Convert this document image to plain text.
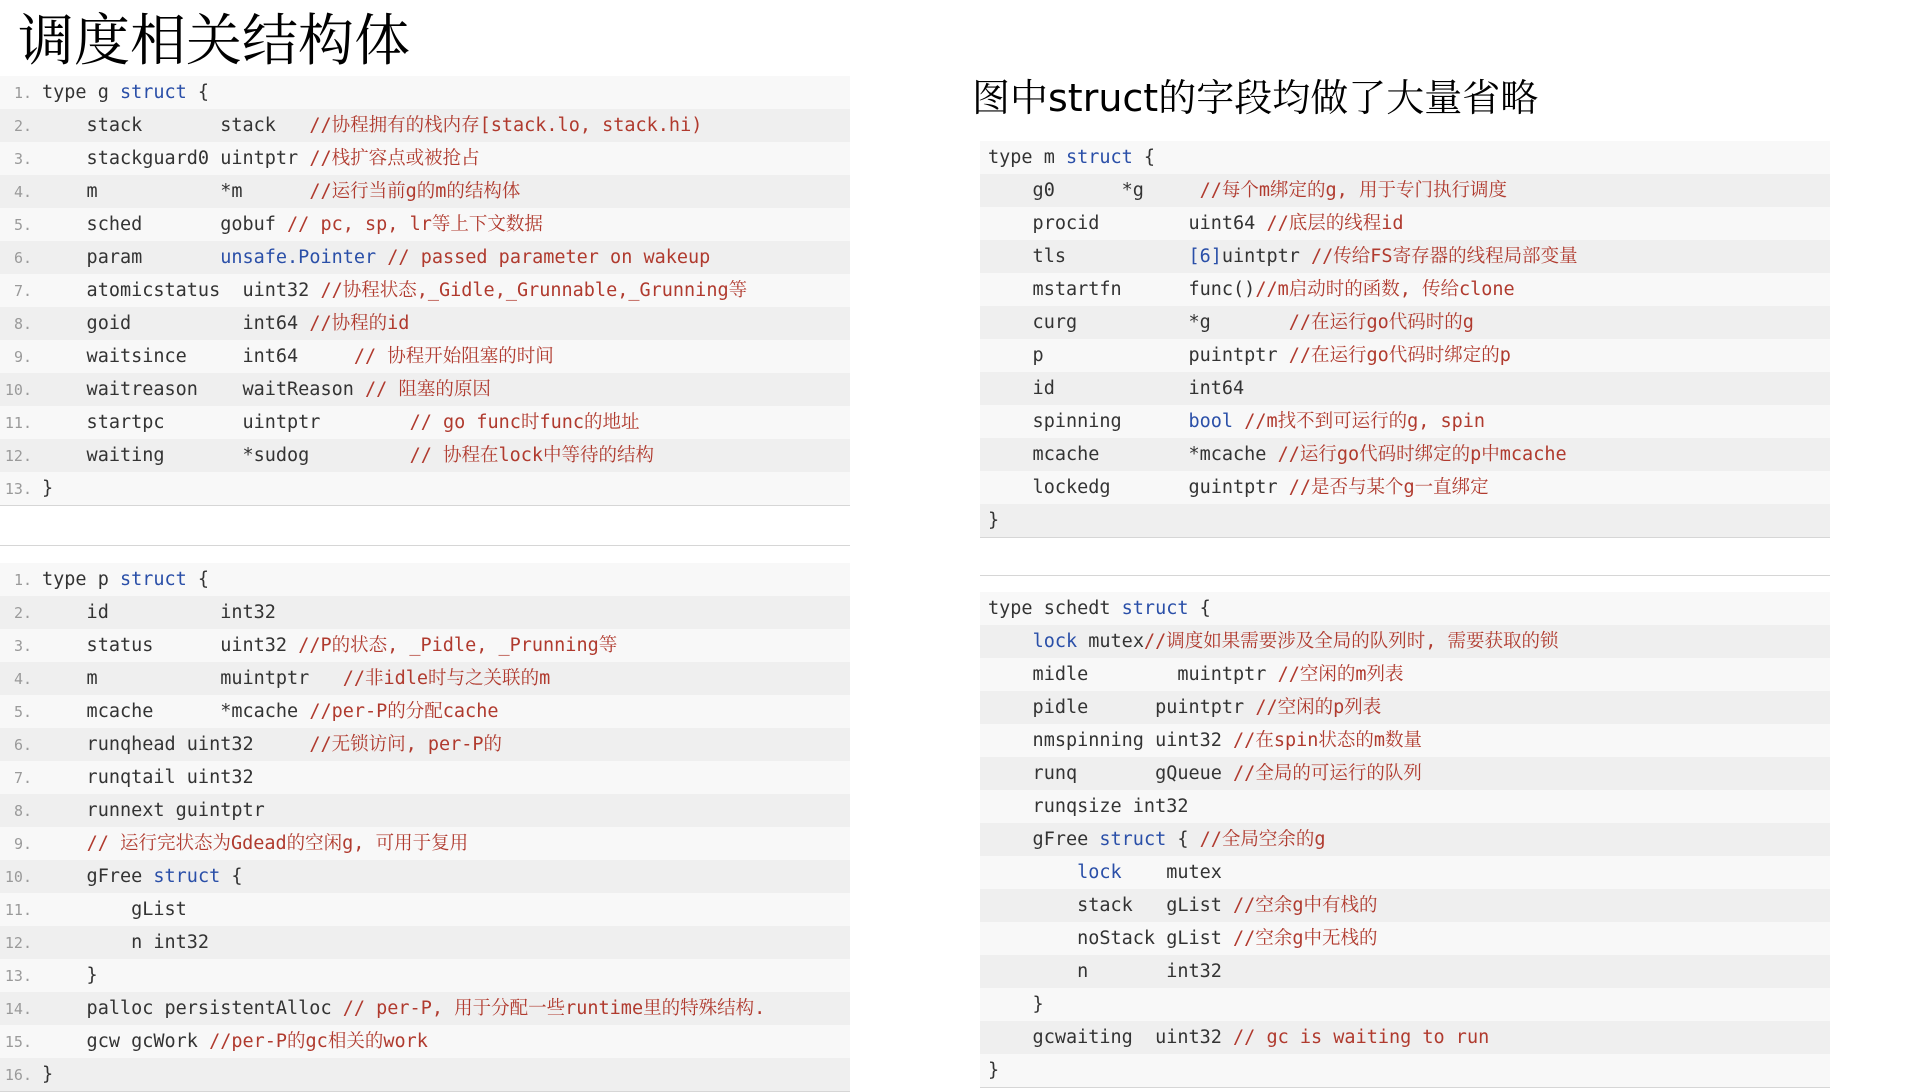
调度相关结构体
图中struct的字段均做了大量省略
1. type g struct {
2.    stack       stack   //协程拥有的栈内存[stack.lo, stack.hi)
3.    stackguard0 uintptr //栈扩容点或被抢占
4.    m           *m      //运行当前g的m的结构体
5.    sched       gobuf // pc, sp, lr等上下文数据
6.    param       unsafe.Pointer // passed parameter on wakeup
7.    atomicstatus  uint32 //协程状态,_Gidle,_Grunnable,_Grunning等
8.    goid          int64 //协程的id
9.    waitsince     int64     // 协程开始阻塞的时间
10.    waitreason    waitReason // 阻塞的原因
11.    startpc       uintptr        // go func时func的地址
12.    waiting       *sudog         // 协程在lock中等待的结构
13. }
1. type p struct {
2.    id          int32
3.    status      uint32 //P的状态, _Pidle, _Prunning等
4.    m           muintptr   //非idle时与之关联的m
5.    mcache      *mcache //per-P的分配cache
6.    runqhead uint32     //无锁访问, per-P的
7.    runqtail uint32
8.    runnext guintptr
9.	// 运行完状态为Gdead的空闲g, 可用于复用
10.    gFree struct {
11.        gList
12.        n int32
13.    }
14.    palloc persistentAlloc // per-P, 用于分配一些runtime里的特殊结构.
15.    gcw gcWork //per-P的gc相关的work
16. }
type m struct {
g0      *g     //每个m绑定的g, 用于专门执行调度
procid        uint64 //底层的线程id
tls           [6]uintptr //传给FS寄存器的线程局部变量
mstartfn      func()//m启动时的函数, 传给clone
curg          *g       //在运行go代码时的g
p             puintptr //在运行go代码时绑定的p
id            int64
spinning      bool //m找不到可运行的g, spin
mcache        *mcache //运行go代码时绑定的p中mcache
lockedg       guintptr //是否与某个g一直绑定
}
type schedt struct {
lock mutex//调度如果需要涉及全局的队列时, 需要获取的锁
midle        muintptr //空闲的m列表
pidle      puintptr //空闲的p列表
nmspinning uint32 //在spin状态的m数量
runq       gQueue //全局的可运行的队列
runqsize int32
gFree struct { //全局空余的g
lock    mutex
stack   gList //空余g中有栈的
noStack gList //空余g中无栈的
n       int32
}
gcwaiting  uint32 // gc is waiting to run
}
